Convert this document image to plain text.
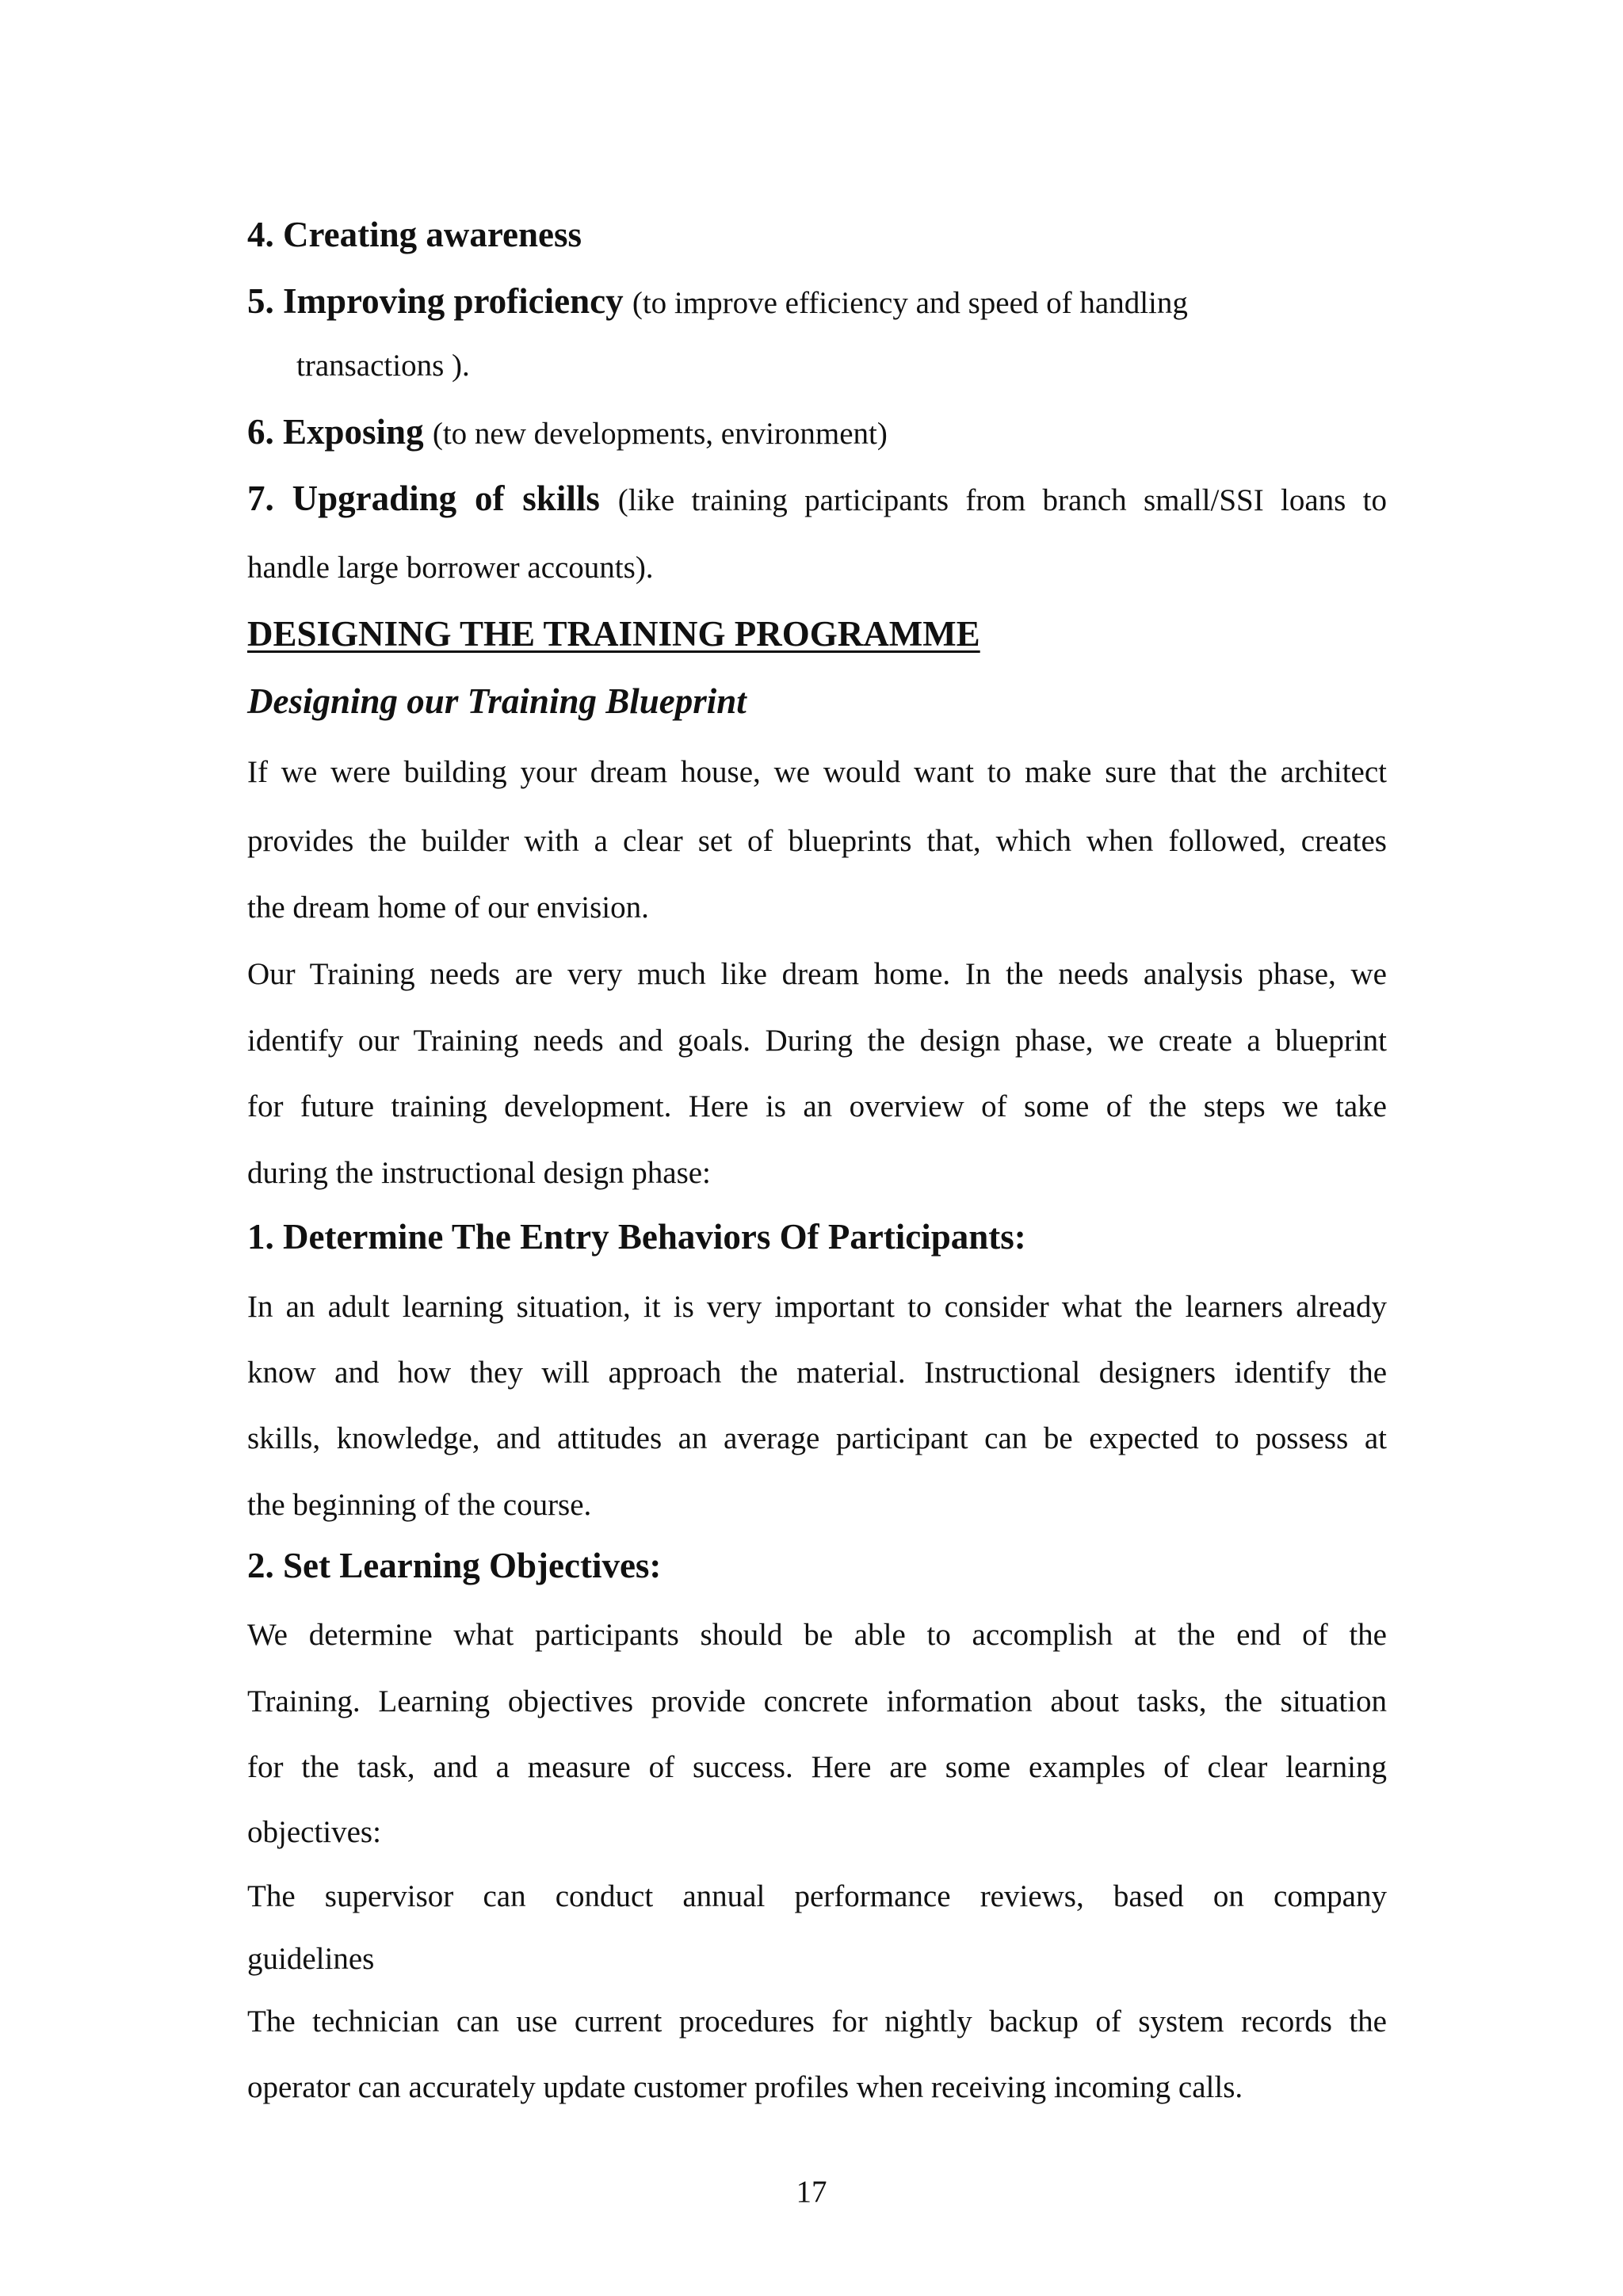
4. Creating awareness
5. Improving proficiency (to improve efficiency and speed of handling
transactions ).
6. Exposing (to new developments, environment)
7. Upgrading of skills (like training participants from branch small/SSI loans to
handle large borrower accounts).
DESIGNING THE TRAINING PROGRAMME
Designing our Training Blueprint
If we were building your dream house, we would want to make sure that the architect
provides the builder with a clear set of blueprints that, which when followed, creates
the dream home of our envision.
Our Training needs are very much like dream home. In the needs analysis phase, we
identify our Training needs and goals. During the design phase, we create a blueprint
for future training development. Here is an overview of some of the steps we take
during the instructional design phase:
1. Determine The Entry Behaviors Of Participants:
In an adult learning situation, it is very important to consider what the learners already
know and how they will approach the material. Instructional designers identify the
skills, knowledge, and attitudes an average participant can be expected to possess at
the beginning of the course.
2. Set Learning Objectives:
We determine what participants should be able to accomplish at the end of the
Training. Learning objectives provide concrete information about tasks, the situation
for the task, and a measure of success. Here are some examples of clear learning
objectives:
The supervisor can conduct annual performance reviews, based on company
guidelines
The technician can use current procedures for nightly backup of system records the
operator can accurately update customer profiles when receiving incoming calls.
17
